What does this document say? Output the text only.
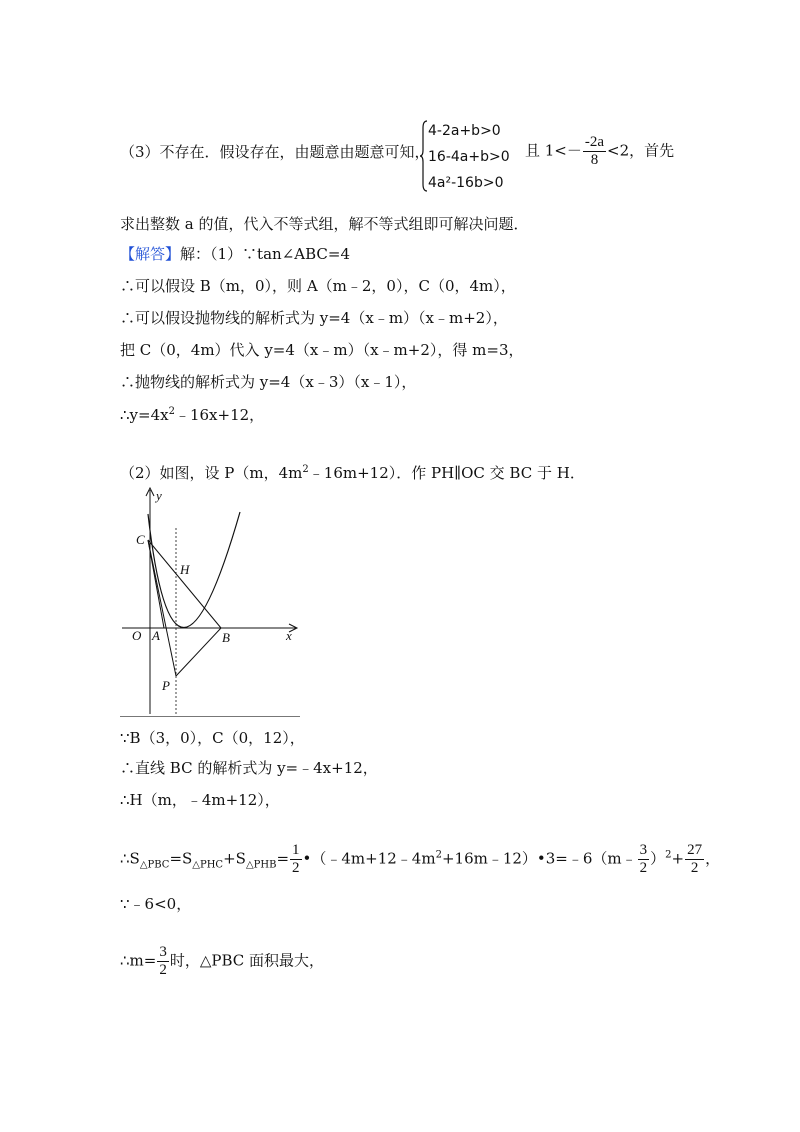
（3）不存在．假设存在，由题意由题意可知，
4-2a+b>0
16-4a+b>0
4a²-16b>0
且 $1<- \frac{-2a}{8} <2$，首先
求出整数 a 的值，代入不等式组，解不等式组即可解决问题．
【解答】解：（1）∵tan∠ABC=4
∴可以假设 B（m，0），则 A（m﹣2，0），C（0，4m），
∴可以假设抛物线的解析式为 y=4（x﹣m）（x﹣m+2），
把 C（0，4m）代入 y=4（x﹣m）（x﹣m+2），得 m=3，
∴抛物线的解析式为 y=4（x﹣3）（x﹣1），
$\therefore y=4x^2﹣16x+12$，
（2）如图，设 P（m，$4m^2﹣16m+12$）．作 PH∥OC 交 BC 于 H．
y
x
O A	B
C
H
P
∵B（3，0），C（0，12），
∴直线 BC 的解析式为 y=﹣4x+12，
∴H（m，﹣4m+12），
$\therefore S_{\triangle PBC}=S_{\triangle PHC}+S_{\triangle PHB}= \frac{1}{2}$ $•(﹣4m+12﹣4m^2+16m﹣12)•3=﹣6(m﹣ \frac{3}{2} )^2+ \frac{27}{2}$ ，
∵﹣6<0，
∴m= $\frac{3}{2}$ 时，△PBC 面积最大，
